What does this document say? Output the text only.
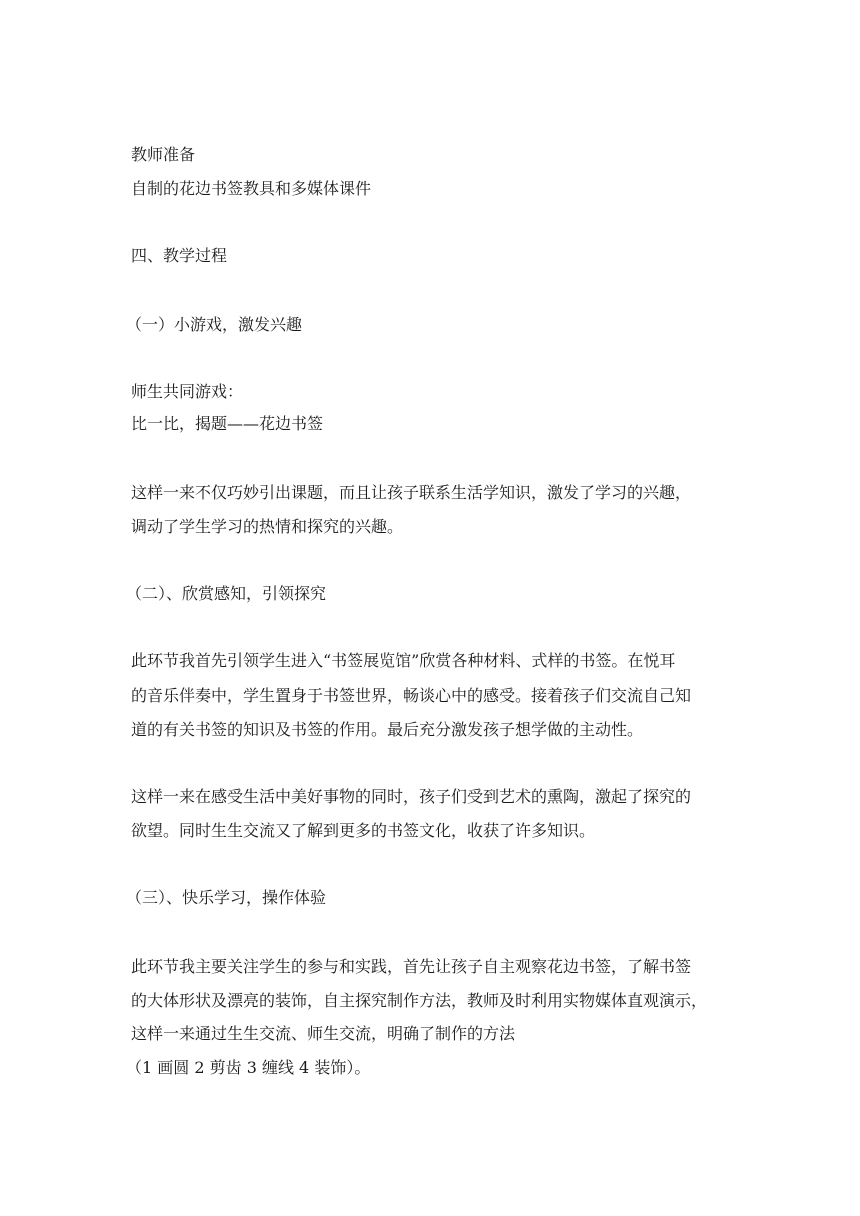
教师准备

自制的花边书签教具和多媒体课件

四、教学过程

（一）小游戏，激发兴趣

师生共同游戏：

比一比，揭题——花边书签

这样一来不仅巧妙引出课题，而且让孩子联系生活学知识，激发了学习的兴趣，

调动了学生学习的热情和探究的兴趣。

（二）、欣赏感知，引领探究

此环节我首先引领学生进入“书签展览馆”欣赏各种材料、式样的书签。在悦耳

的音乐伴奏中，学生置身于书签世界，畅谈心中的感受。接着孩子们交流自己知

道的有关书签的知识及书签的作用。最后充分激发孩子想学做的主动性。

这样一来在感受生活中美好事物的同时，孩子们受到艺术的熏陶，激起了探究的

欲望。同时生生交流又了解到更多的书签文化，收获了许多知识。

（三）、快乐学习，操作体验

此环节我主要关注学生的参与和实践，首先让孩子自主观察花边书签，了解书签

的大体形状及漂亮的装饰，自主探究制作方法，教师及时利用实物媒体直观演示，

这样一来通过生生交流、师生交流，明确了制作的方法

（1 画圆 2 剪齿 3 缠线 4 装饰）。
